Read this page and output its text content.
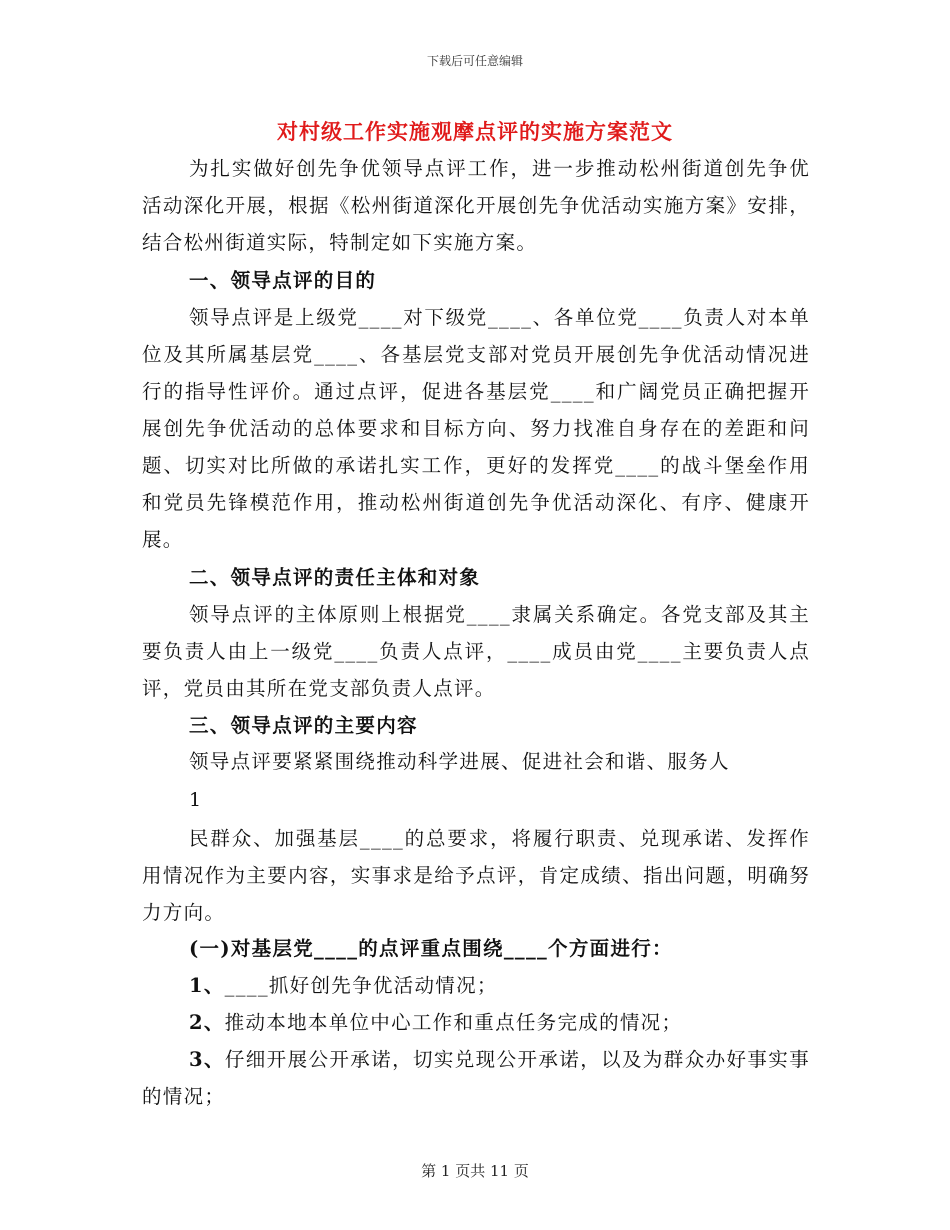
下载后可任意编辑
对村级工作实施观摩点评的实施方案范文
为扎实做好创先争优领导点评工作，进一步推动松州街道创先争优活动深化开展，根据《松州街道深化开展创先争优活动实施方案》安排，结合松州街道实际，特制定如下实施方案。
一、领导点评的目的
领导点评是上级党____对下级党____、各单位党____负责人对本单位及其所属基层党____、各基层党支部对党员开展创先争优活动情况进行的指导性评价。通过点评，促进各基层党____和广阔党员正确把握开展创先争优活动的总体要求和目标方向、努力找准自身存在的差距和问题、切实对比所做的承诺扎实工作，更好的发挥党____的战斗堡垒作用和党员先锋模范作用，推动松州街道创先争优活动深化、有序、健康开展。
二、领导点评的责任主体和对象
领导点评的主体原则上根据党____隶属关系确定。各党支部及其主要负责人由上一级党____负责人点评，____成员由党____主要负责人点评，党员由其所在党支部负责人点评。
三、领导点评的主要内容
领导点评要紧紧围绕推动科学进展、促进社会和谐、服务人
1
民群众、加强基层____的总要求，将履行职责、兑现承诺、发挥作用情况作为主要内容，实事求是给予点评，肯定成绩、指出问题，明确努力方向。
(一)对基层党____的点评重点围绕____个方面进行：
1、____抓好创先争优活动情况；
2、推动本地本单位中心工作和重点任务完成的情况；
3、仔细开展公开承诺，切实兑现公开承诺，以及为群众办好事实事的情况；
第 1 页共 11 页
